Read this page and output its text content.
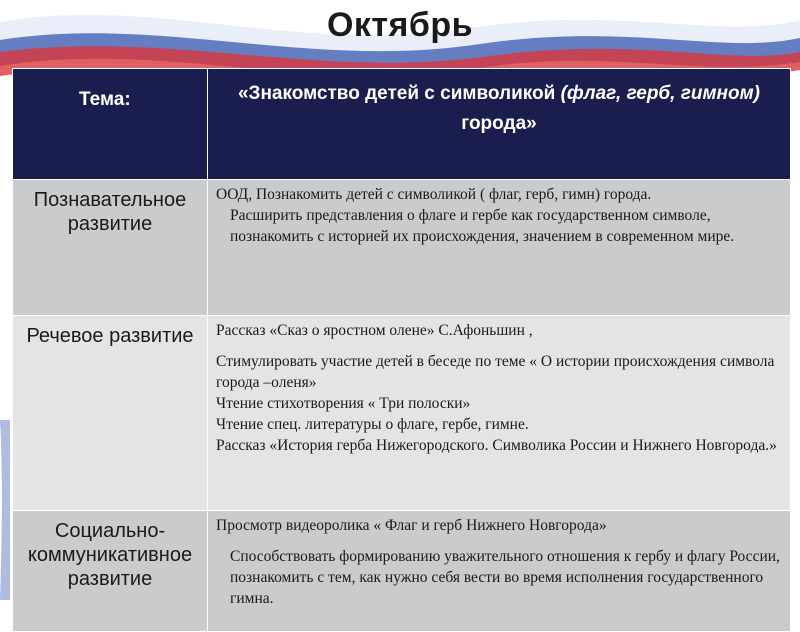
Октябрь
Тема:	«Знакомство детей с символикой (флаг, герб, гимном) города»
Познавательное развитие	ООД, Познакомить детей с символикой ( флаг, герб, гимн) города.

Расширить представления о флаге и гербе как государственном символе, познакомить с историей их происхождения, значением в современном мире.

Речевое развитие	Рассказ «Сказ о яростном олене» С.Афоньшин ,

Стимулировать участие детей в беседе по теме « О истории происхождения символа города –оленя»

Чтение стихотворения « Три полоски»

Чтение спец. литературы о флаге, гербе, гимне.

Рассказ «История герба Нижегородского. Символика России и Нижнего Новгорода.»

Социально-коммуникативное развитие	Просмотр видеоролика « Флаг и герб Нижнего Новгорода»

Способствовать формированию уважительного отношения к гербу и флагу России, познакомить с тем, как нужно себя вести во время исполнения государственного гимна.
